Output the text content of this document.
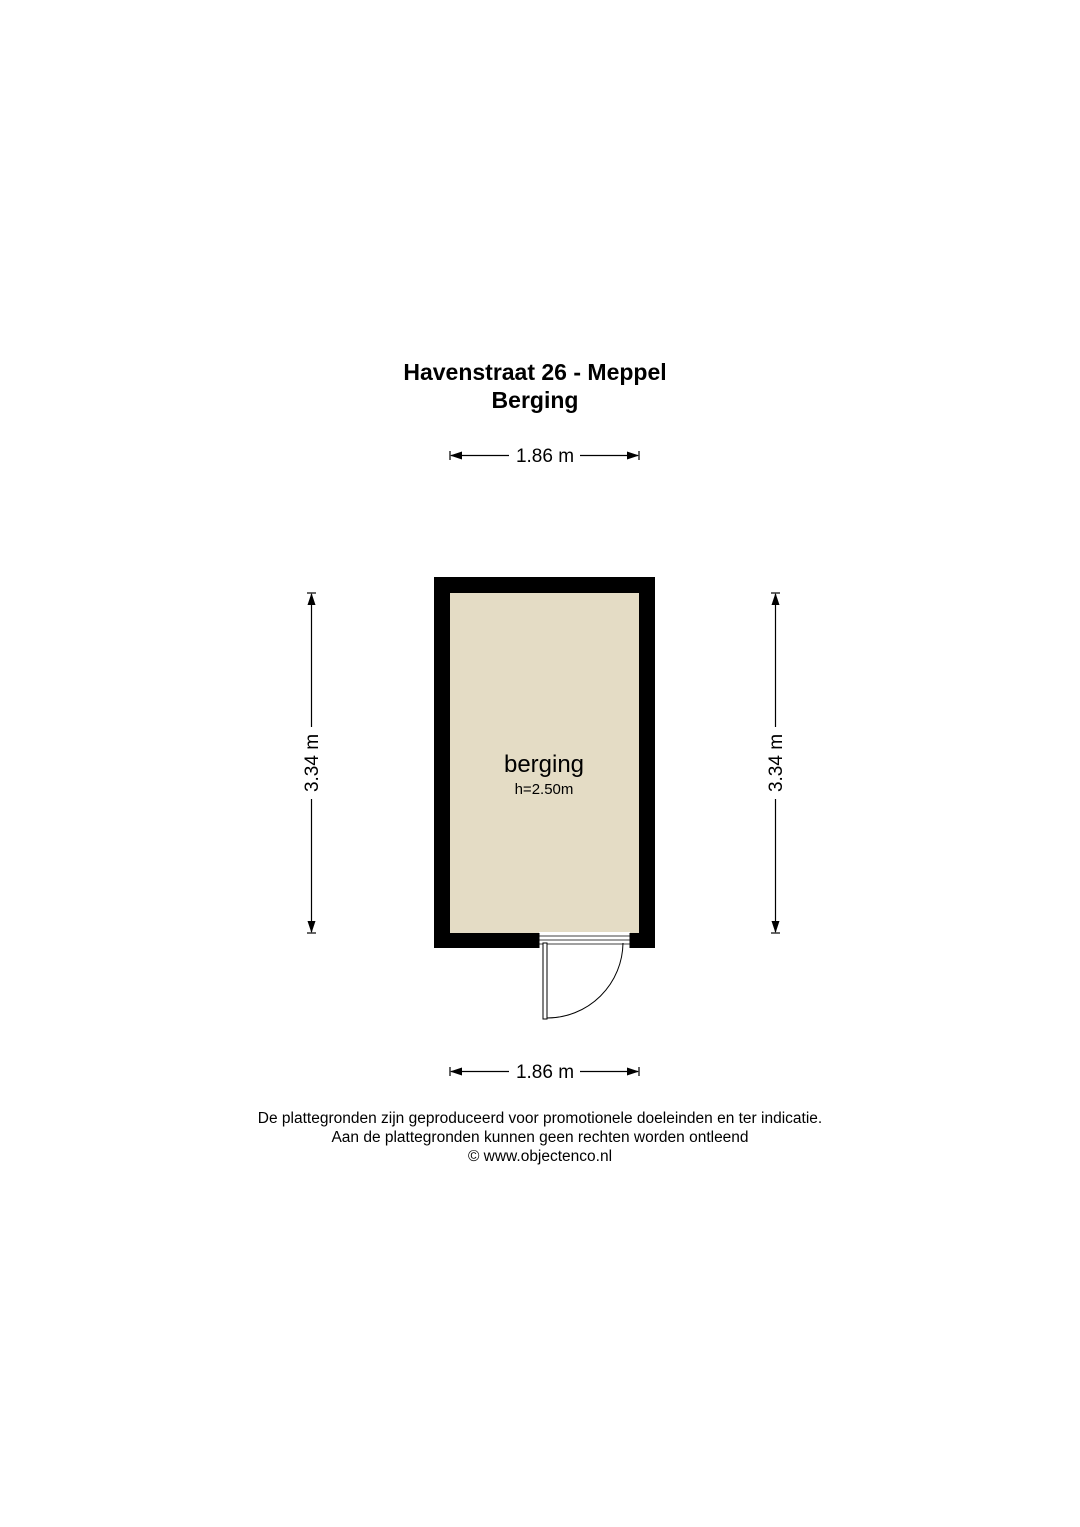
Havenstraat 26 - Meppel
Berging
1.86 m
3.34 m	3.34 m
berging
h=2.50m
1.86 m
De plattegronden zijn geproduceerd voor promotionele doeleinden en ter indicatie.
Aan de plattegronden kunnen geen rechten worden ontleend
© www.objectenco.nl
